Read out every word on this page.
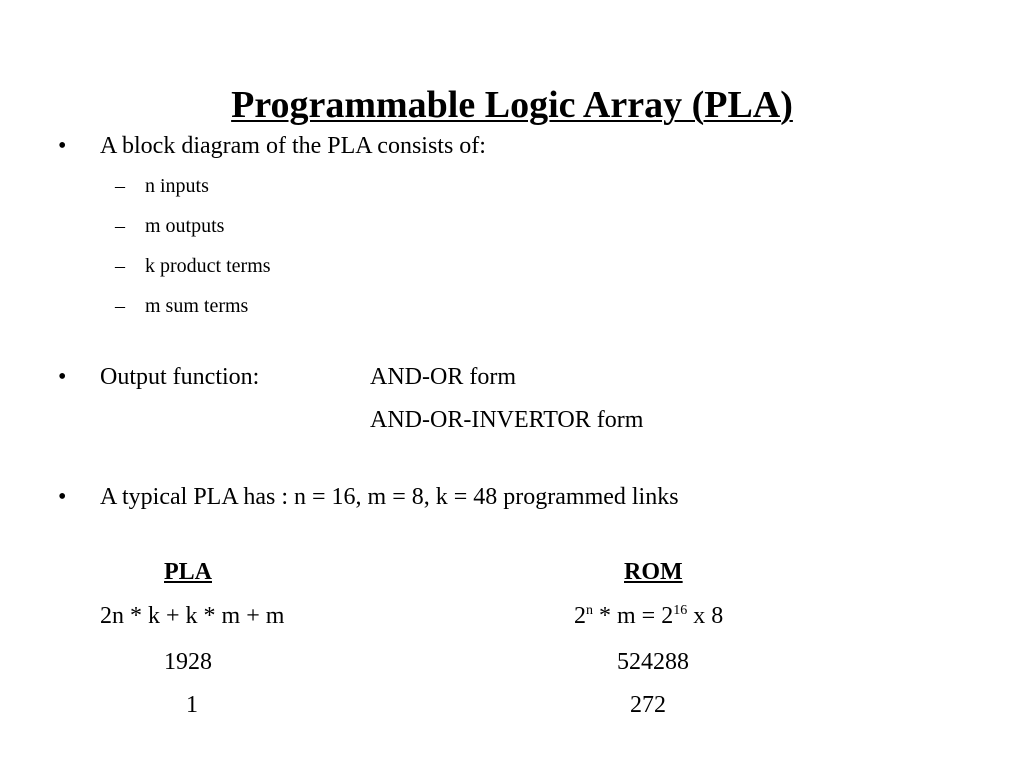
Programmable Logic Array (PLA)
• A block diagram of the PLA consists of:
– n inputs
– m outputs
– k product terms
– m sum terms
• Output function:	AND-OR form
AND-OR-INVERTOR form
• A typical PLA has : n = 16, m = 8, k = 48 programmed links
PLA
2n * k + k * m + m
1928
1
ROM
$2^n * m = 2^{16}$ x 8
524288
272
